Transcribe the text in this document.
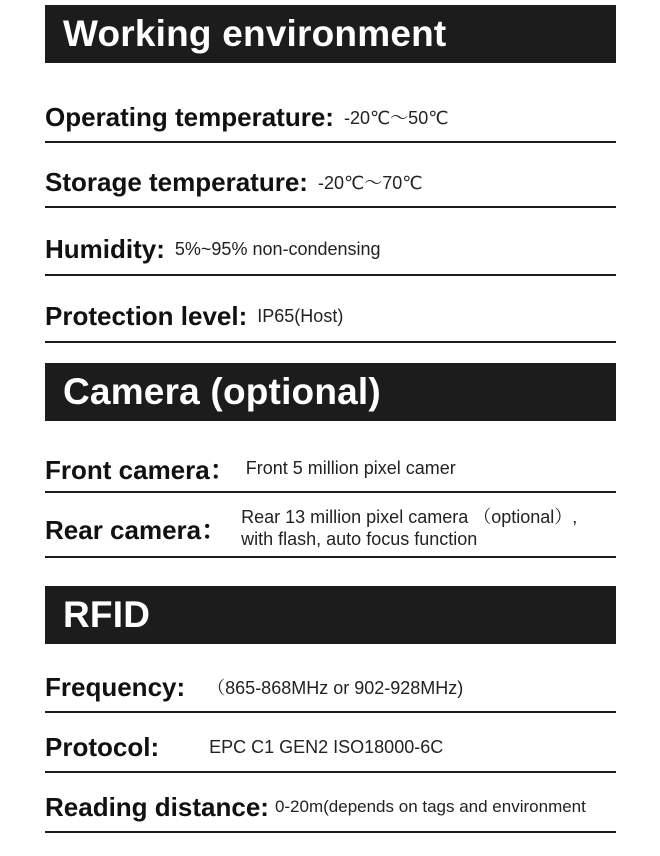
Working environment
Operating temperature: -20℃～50℃
Storage temperature: -20℃～70℃
Humidity: 5%~95% non-condensing
Protection level: IP65(Host)
Camera (optional)
Front camera： Front 5 million pixel camer
Rear camera： Rear 13 million pixel camera （optional）,
with flash, auto focus function
RFID
Frequency: （865-868MHz or 902-928MHz)
Protocol:	EPC C1 GEN2 ISO18000-6C
Reading distance: 0-20m(depends on tags and environment
